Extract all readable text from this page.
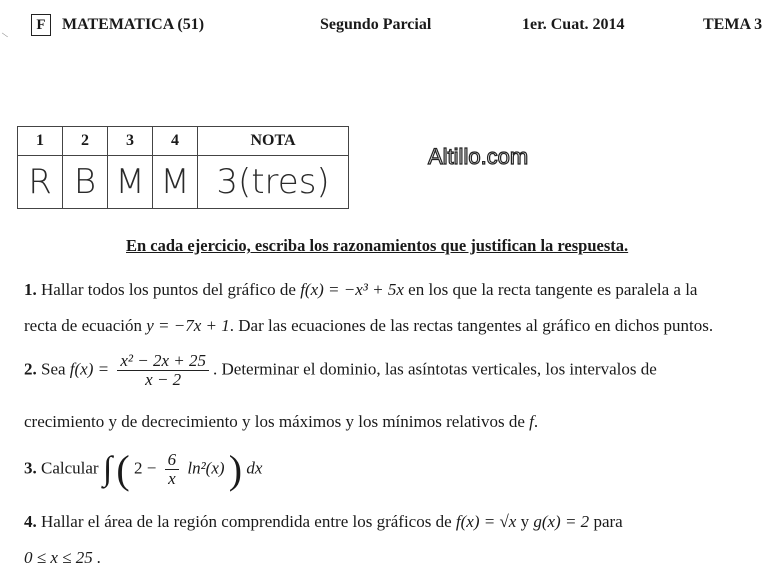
\
F	MATEMATICA (51)	Segundo Parcial	1er. Cuat. 2014	TEMA 3
1	2	3	4	NOTA
R	B	M	M	3(tres)
Altillo.com
En cada ejercicio, escriba los razonamientos que justifican la respuesta.
1. Hallar todos los puntos del gráfico de f(x) = −x³ + 5x en los que la recta tangente es paralela a la
recta de ecuación y = −7x + 1. Dar las ecuaciones de las rectas tangentes al gráfico en dichos puntos.
2. Sea $f(x) = \frac{\text{x² − 2x + 25}}{x - 2}$ . Determinar el dominio, las asíntotas verticales, los intervalos de
crecimiento y de decrecimiento y los máximos y los mínimos relativos de f.
3. Calcular ∫ ( $2 - \frac{6}{x} \ln^2(x)$ ) dx
4. Hallar el área de la región comprendida entre los gráficos de f(x) = √x y g(x) = 2 para
0 ≤ x ≤ 25 .
